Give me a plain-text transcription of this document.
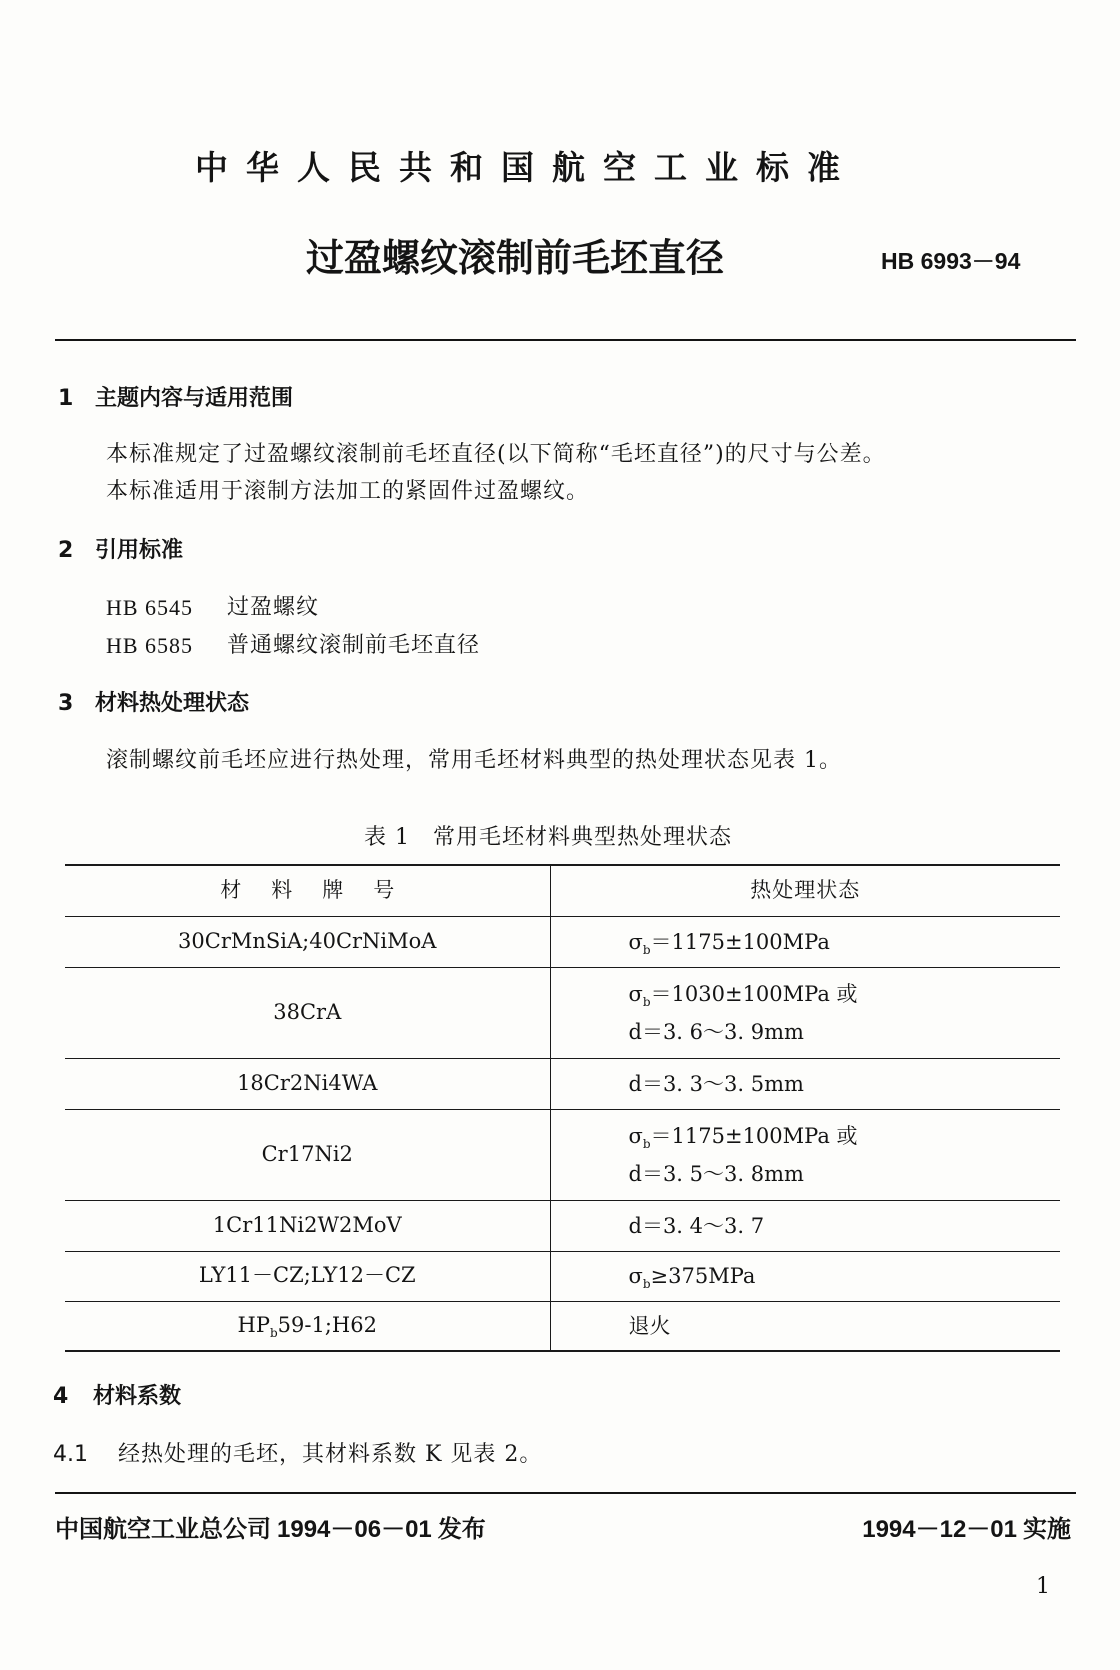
中华人民共和国航空工业标准
过盈螺纹滚制前毛坯直径	HB 6993－94
1 主题内容与适用范围

本标准规定了过盈螺纹滚制前毛坯直径(以下简称“毛坯直径”)的尺寸与公差。

本标准适用于滚制方法加工的紧固件过盈螺纹。

2 引用标准
HB 6545 过盈螺纹
HB 6585 普通螺纹滚制前毛坯直径
3 材料热处理状态

滚制螺纹前毛坯应进行热处理，常用毛坯材料典型的热处理状态见表 1。

表 1 常用毛坯材料典型热处理状态
材料牌号	热处理状态

30CrMnSiA;40CrNiMoA	$\sigma_b=1175\pm 100MPa$

38CrA	$\sigma_b=1030\pm 100MPa$ 或
d＝3. 6～3. 9mm

18Cr2Ni4WA	d＝3. 3～3. 5mm

Cr17Ni2	$\sigma_b=1175\pm 100MPa$ 或
d＝3. 5～3. 8mm

1Cr11Ni2W2MoV	d＝3. 4～3. 7

LY11－CZ;LY12－CZ	$\sigma_b\ge 375MPa$

$HP_b59-1;H62$	退火
4 材料系数
4.1 经热处理的毛坯，其材料系数 K 见表 2。

中国航空工业总公司 1994－06－01 发布	1994－12－01 实施
1
